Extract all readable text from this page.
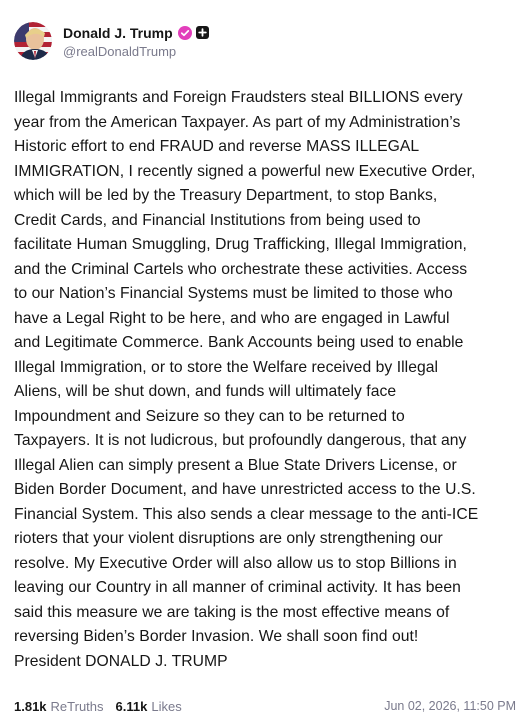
Donald J. Trump
@realDonaldTrump
Illegal Immigrants and Foreign Fraudsters steal BILLIONS every
year from the American Taxpayer. As part of my Administration’s
Historic effort to end FRAUD and reverse MASS ILLEGAL
IMMIGRATION, I recently signed a powerful new Executive Order,
which will be led by the Treasury Department, to stop Banks,
Credit Cards, and Financial Institutions from being used to
facilitate Human Smuggling, Drug Trafficking, Illegal Immigration,
and the Criminal Cartels who orchestrate these activities. Access
to our Nation’s Financial Systems must be limited to those who
have a Legal Right to be here, and who are engaged in Lawful
and Legitimate Commerce. Bank Accounts being used to enable
Illegal Immigration, or to store the Welfare received by Illegal
Aliens, will be shut down, and funds will ultimately face
Impoundment and Seizure so they can to be returned to
Taxpayers. It is not ludicrous, but profoundly dangerous, that any
Illegal Alien can simply present a Blue State Drivers License, or
Biden Border Document, and have unrestricted access to the U.S.
Financial System. This also sends a clear message to the anti-ICE
rioters that your violent disruptions are only strengthening our
resolve. My Executive Order will also allow us to stop Billions in
leaving our Country in all manner of criminal activity. It has been
said this measure we are taking is the most effective means of
reversing Biden’s Border Invasion. We shall soon find out!
President DONALD J. TRUMP
1.81k ReTruths 6.11k Likes	Jun 02, 2026, 11:50 PM
